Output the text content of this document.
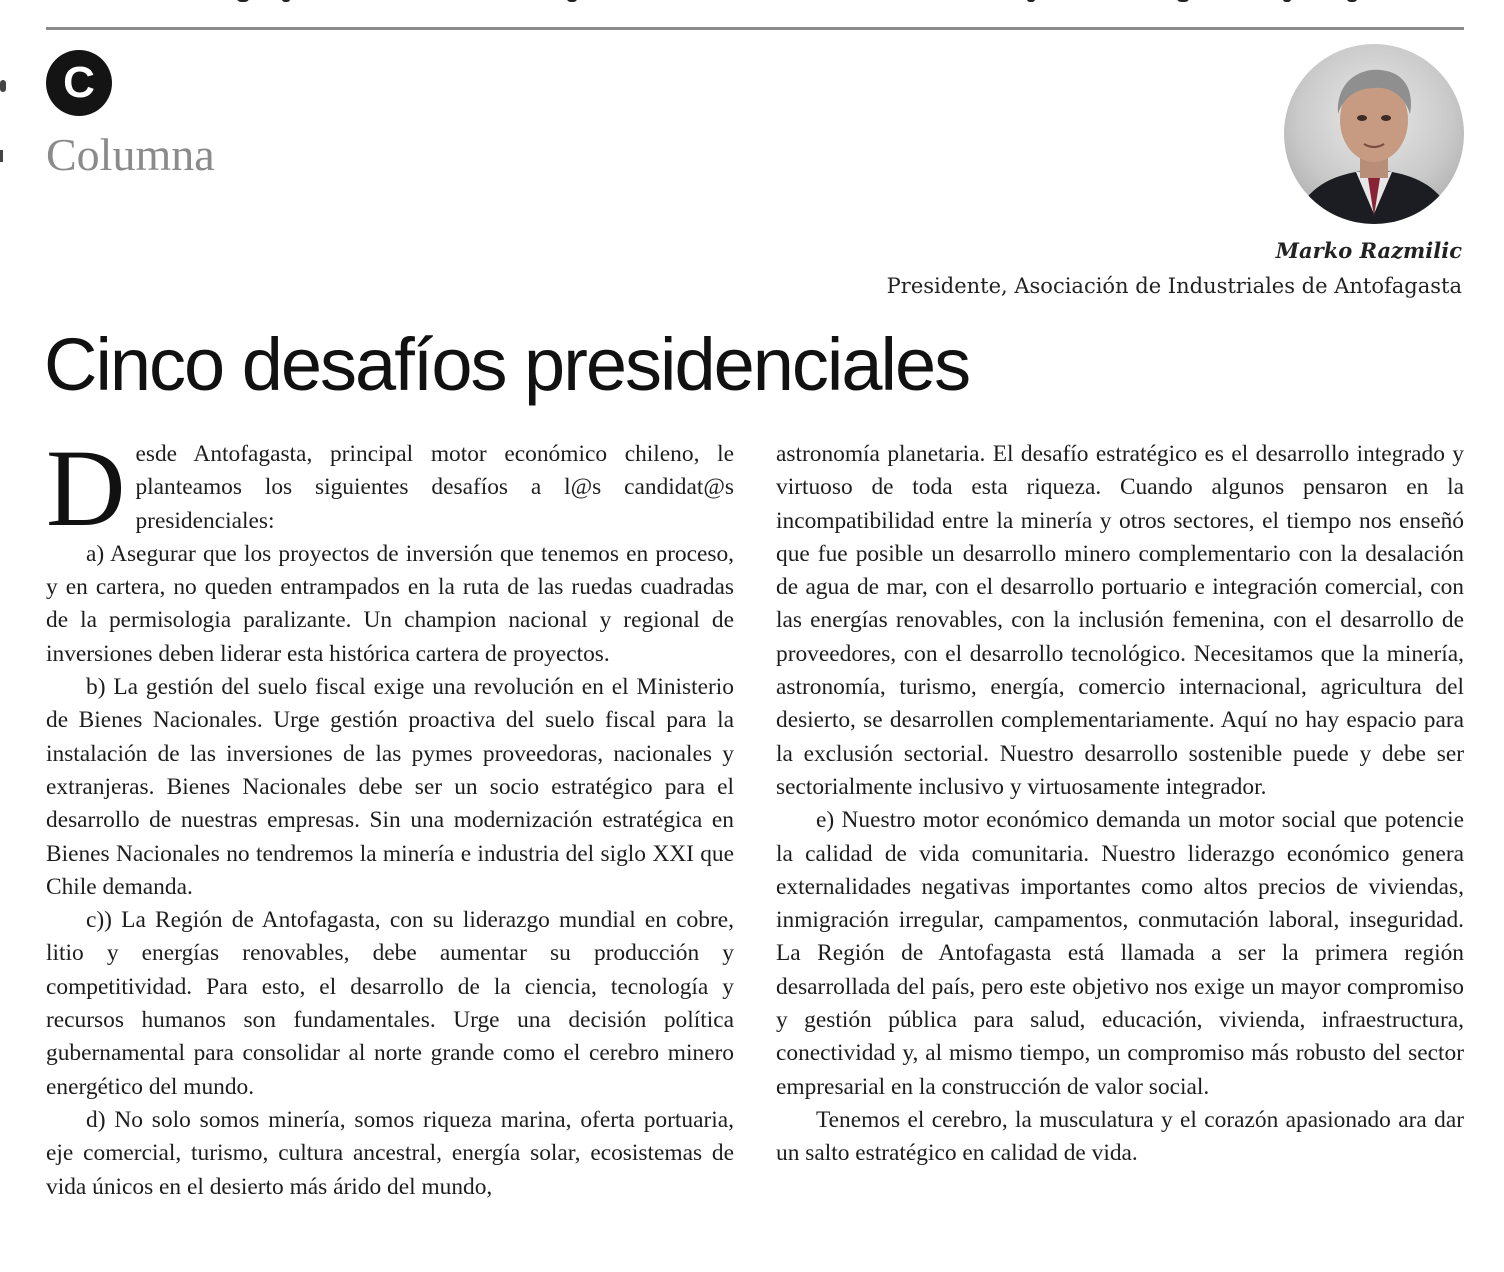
C
Columna
Marko Razmilic
Presidente, Asociación de Industriales de Antofagasta
Cinco desafíos presidenciales

Desde Antofagasta, principal motor económico chileno, le planteamos los siguientes desafíos a l@s candidat@s presidenciales:

a) Asegurar que los proyectos de inversión que tenemos en proceso, y en cartera, no queden entrampados en la ruta de las ruedas cuadradas de la permisologia paralizante. Un champion nacional y regional de inversiones deben liderar esta histórica cartera de proyectos.

b) La gestión del suelo fiscal exige una revolución en el Ministerio de Bienes Nacionales. Urge gestión proactiva del suelo fiscal para la instalación de las inversiones de las pymes proveedoras, nacionales y extranjeras. Bienes Nacionales debe ser un socio estratégico para el desarrollo de nuestras empresas. Sin una modernización estratégica en Bienes Nacionales no tendremos la minería e industria del siglo XXI que Chile demanda.

c)) La Región de Antofagasta, con su liderazgo mundial en cobre, litio y energías renovables, debe aumentar su producción y competitividad. Para esto, el desarrollo de la ciencia, tecnología y recursos humanos son fundamentales. Urge una decisión política gubernamental para consolidar al norte grande como el cerebro minero energético del mundo.

d) No solo somos minería, somos riqueza marina, oferta portuaria, eje comercial, turismo, cultura ancestral, energía solar, ecosistemas de vida únicos en el desierto más árido del mundo,

astronomía planetaria. El desafío estratégico es el desarrollo integrado y virtuoso de toda esta riqueza. Cuando algunos pensaron en la incompatibilidad entre la minería y otros sectores, el tiempo nos enseñó que fue posible un desarrollo minero complementario con la desalación de agua de mar, con el desarrollo portuario e integración comercial, con las energías renovables, con la inclusión femenina, con el desarrollo de proveedores, con el desarrollo tecnológico. Necesitamos que la minería, astronomía, turismo, energía, comercio internacional, agricultura del desierto, se desarrollen complementariamente. Aquí no hay espacio para la exclusión sectorial. Nuestro desarrollo sostenible puede y debe ser sectorialmente inclusivo y virtuosamente integrador.

e) Nuestro motor económico demanda un motor social que potencie la calidad de vida comunitaria. Nuestro liderazgo económico genera externalidades negativas importantes como altos precios de viviendas, inmigración irregular, campamentos, conmutación laboral, inseguridad. La Región de Antofagasta está llamada a ser la primera región desarrollada del país, pero este objetivo nos exige un mayor compromiso y gestión pública para salud, educación, vivienda, infraestructura, conectividad y, al mismo tiempo, un compromiso más robusto del sector empresarial en la construcción de valor social.

Tenemos el cerebro, la musculatura y el corazón apasionado ara dar un salto estratégico en calidad de vida.
